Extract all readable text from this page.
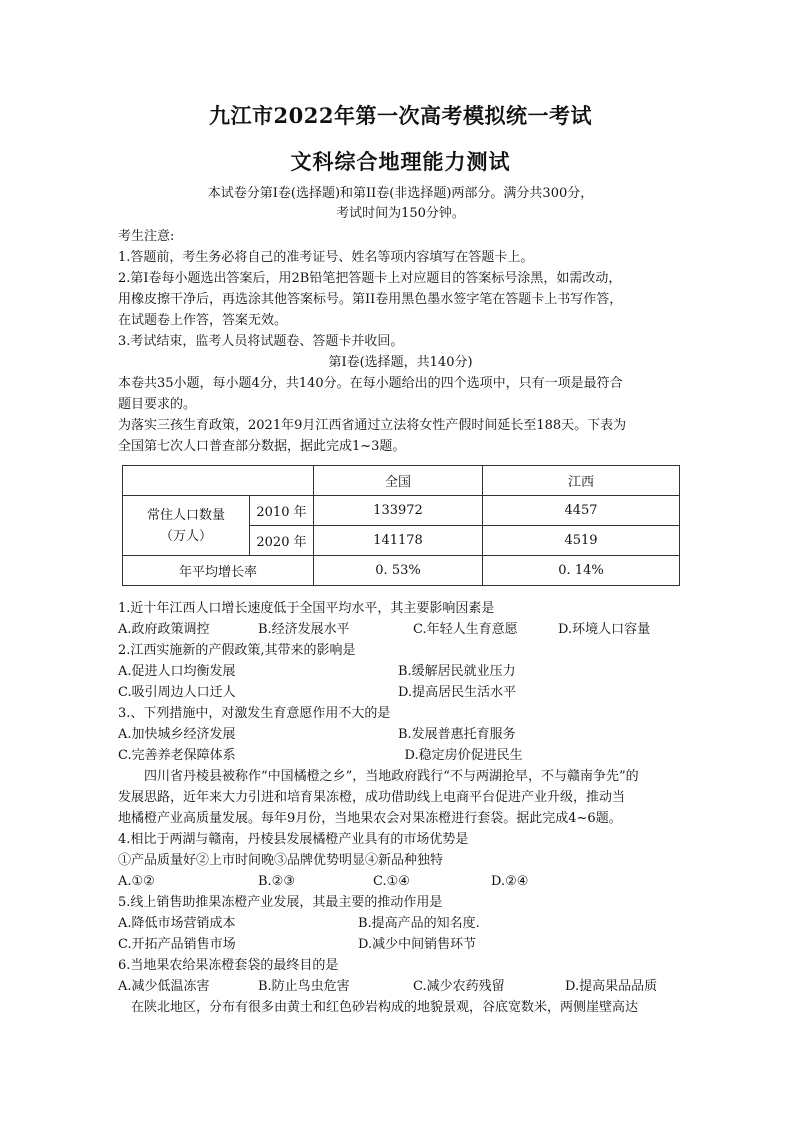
九江市2022年第一次高考模拟统一考试
文科综合地理能力测试
本试卷分第I卷(选择题)和第II卷(非选择题)两部分。满分共300分，
考试时间为150分钟。
考生注意:
1.答题前，考生务必将自己的准考证号、姓名等项内容填写在答题卡上。
2.第I卷每小题选出答案后，用2B铅笔把答题卡上对应题目的答案标号涂黑，如需改动，
用橡皮擦干净后，再选涂其他答案标号。第II卷用黑色墨水签字笔在答题卡上书写作答，
在试题卷上作答，答案无效。
3.考试结束，监考人员将试题卷、答题卡并收回。
第I卷(选择题，共140分)
本卷共35小题，每小题4分，共140分。在每小题给出的四个选项中，只有一项是最符合
题目要求的。
为落实三孩生育政策，2021年9月江西省通过立法将女性产假时间延长至188天。下表为
全国第七次人口普查部分数据，据此完成1~3题。
		全国	江西

常住人口数量
（万人）	2010 年	133972	4457
	2020 年	141178	4519
年平均增长率		0. 53%	0. 14%
1.近十年江西人口增长速度低于全国平均水平，其主要影响因素是
A.政府政策调控	B.经济发展水平	C.年轻人生育意愿	D.环境人口容量
2.江西实施新的产假政策,其带来的影响是
A.促进人口均衡发展	B.缓解居民就业压力
C.吸引周边人口迁人	D.提高居民生活水平
3.、下列措施中，对激发生育意愿作用不大的是
A.加快城乡经济发展	B.发展普惠托育服务
C.完善养老保障体系	D.稳定房价促进民生
四川省丹棱县被称作“中国橘橙之乡”，当地政府践行“不与两湖抢早，不与赣南争先”的
发展思路，近年来大力引进和培育果冻橙，成功借助线上电商平台促进产业升级，推动当
地橘橙产业高质量发展。每年9月份，当地果农会对果冻橙进行套袋。据此完成4~6题。
4.相比于两湖与赣南，丹棱县发展橘橙产业具有的市场优势是
①产品质量好②上市时间晚③品牌优势明显④新品种独特
A.①②	B.②③	C.①④	D.②④
5.线上销售助推果冻橙产业发展，其最主要的推动作用是
A.降低市场营销成本	B.提高产品的知名度.
C.开拓产品销售市场	D.减少中间销售环节
6.当地果农给果冻橙套袋的最终目的是
A.减少低温冻害	B.防止鸟虫危害	C.减少农药残留	D.提高果品品质
在陕北地区，分布有很多由黄土和红色砂岩构成的地貌景观，谷底宽数米，两侧崖壁高达
